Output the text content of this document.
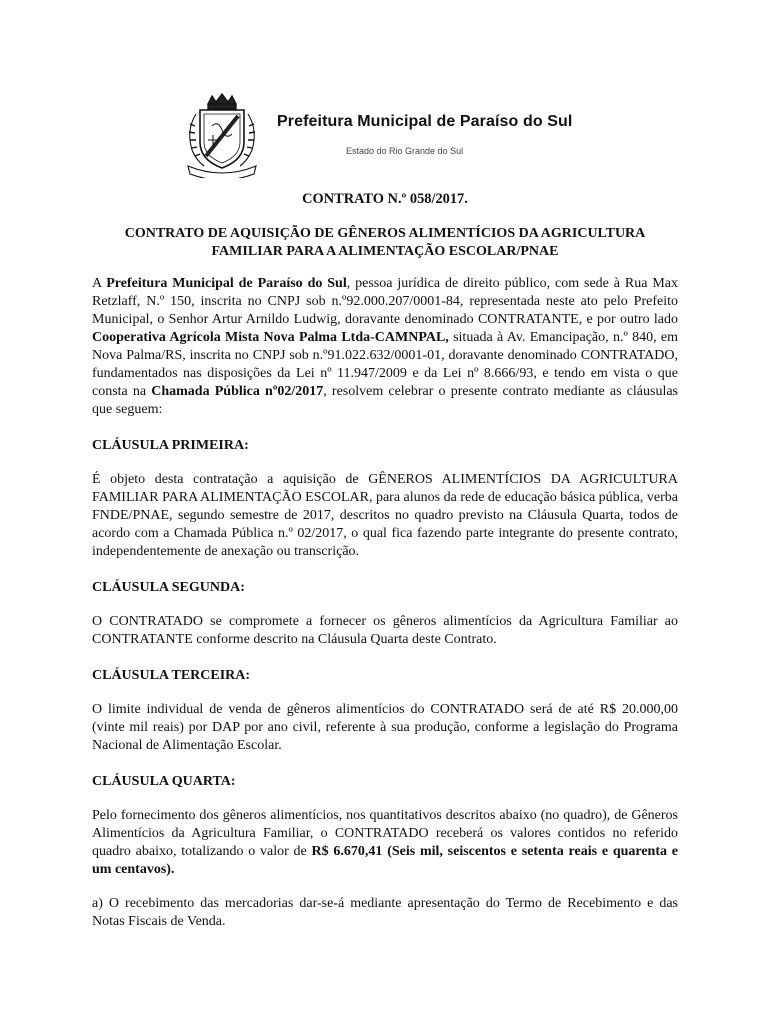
Prefeitura Municipal de Paraíso do Sul
Estado do Rio Grande do Sul
CONTRATO N.º 058/2017.
CONTRATO DE AQUISIÇÃO DE GÊNEROS ALIMENTÍCIOS DA AGRICULTURA
FAMILIAR PARA A ALIMENTAÇÃO ESCOLAR/PNAE

A Prefeitura Municipal de Paraíso do Sul, pessoa jurídica de direito público, com sede à Rua Max Retzlaff, N.º 150, inscrita no CNPJ sob n.º92.000.207/0001-84, representada neste ato pelo Prefeito Municipal, o Senhor Artur Arnildo Ludwig, doravante denominado CONTRATANTE, e por outro lado Cooperativa Agrícola Mista Nova Palma Ltda-CAMNPAL, situada à Av. Emancipação, n.º 840, em Nova Palma/RS, inscrita no CNPJ sob n.º91.022.632/0001-01, doravante denominado CONTRATADO, fundamentados nas disposições da Lei nº 11.947/2009 e da Lei nº 8.666/93, e tendo em vista o que consta na Chamada Pública nº02/2017, resolvem celebrar o presente contrato mediante as cláusulas que seguem:

CLÁUSULA PRIMEIRA:

É objeto desta contratação a aquisição de GÊNEROS ALIMENTÍCIOS DA AGRICULTURA FAMILIAR PARA ALIMENTAÇÃO ESCOLAR, para alunos da rede de educação básica pública, verba FNDE/PNAE, segundo semestre de 2017, descritos no quadro previsto na Cláusula Quarta, todos de acordo com a Chamada Pública n.º 02/2017, o qual fica fazendo parte integrante do presente contrato, independentemente de anexação ou transcrição.

CLÁUSULA SEGUNDA:

O CONTRATADO se compromete a fornecer os gêneros alimentícios da Agricultura Familiar ao CONTRATANTE conforme descrito na Cláusula Quarta deste Contrato.

CLÁUSULA TERCEIRA:

O limite individual de venda de gêneros alimentícios do CONTRATADO será de até R$ 20.000,00 (vinte mil reais) por DAP por ano civil, referente à sua produção, conforme a legislação do Programa Nacional de Alimentação Escolar.

CLÁUSULA QUARTA:

Pelo fornecimento dos gêneros alimentícios, nos quantitativos descritos abaixo (no quadro), de Gêneros Alimentícios da Agricultura Familiar, o CONTRATADO receberá os valores contidos no referido quadro abaixo, totalizando o valor de R$ 6.670,41 (Seis mil, seiscentos e setenta reais e quarenta e um centavos).

a) O recebimento das mercadorias dar-se-á mediante apresentação do Termo de Recebimento e das Notas Fiscais de Venda.
